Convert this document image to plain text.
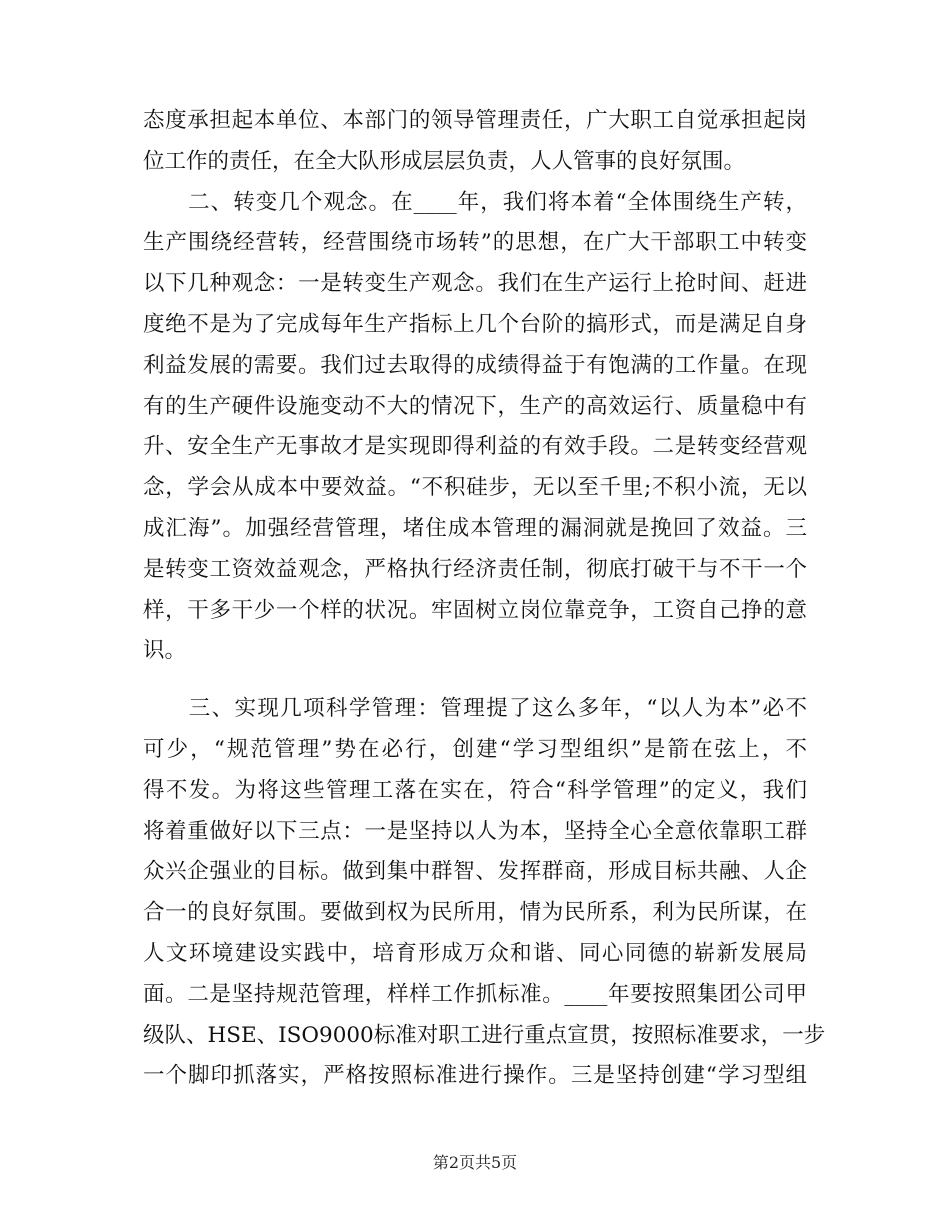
态度承担起本单位、本部门的领导管理责任，广大职工自觉承担起岗
位工作的责任，在全大队形成层层负责，人人管事的良好氛围。
　　二、转变几个观念。在____年，我们将本着“全体围绕生产转，
生产围绕经营转，经营围绕市场转”的思想，在广大干部职工中转变
以下几种观念：一是转变生产观念。我们在生产运行上抢时间、赶进
度绝不是为了完成每年生产指标上几个台阶的搞形式，而是满足自身
利益发展的需要。我们过去取得的成绩得益于有饱满的工作量。在现
有的生产硬件设施变动不大的情况下，生产的高效运行、质量稳中有
升、安全生产无事故才是实现即得利益的有效手段。二是转变经营观
念，学会从成本中要效益。“不积硅步，无以至千里;不积小流，无以
成汇海”。加强经营管理，堵住成本管理的漏洞就是挽回了效益。三
是转变工资效益观念，严格执行经济责任制，彻底打破干与不干一个
样，干多干少一个样的状况。牢固树立岗位靠竞争，工资自己挣的意
识。
　　三、实现几项科学管理：管理提了这么多年，“以人为本”必不
可少，“规范管理”势在必行，创建“学习型组织”是箭在弦上，不
得不发。为将这些管理工落在实在，符合“科学管理”的定义，我们
将着重做好以下三点：一是坚持以人为本，坚持全心全意依靠职工群
众兴企强业的目标。做到集中群智、发挥群商，形成目标共融、人企
合一的良好氛围。要做到权为民所用，情为民所系，利为民所谋，在
人文环境建设实践中，培育形成万众和谐、同心同德的崭新发展局
面。二是坚持规范管理，样样工作抓标准。____年要按照集团公司甲
级队、HSE、ISO9000标准对职工进行重点宣贯，按照标准要求，一步
一个脚印抓落实，严格按照标准进行操作。三是坚持创建“学习型组
第2页共5页
